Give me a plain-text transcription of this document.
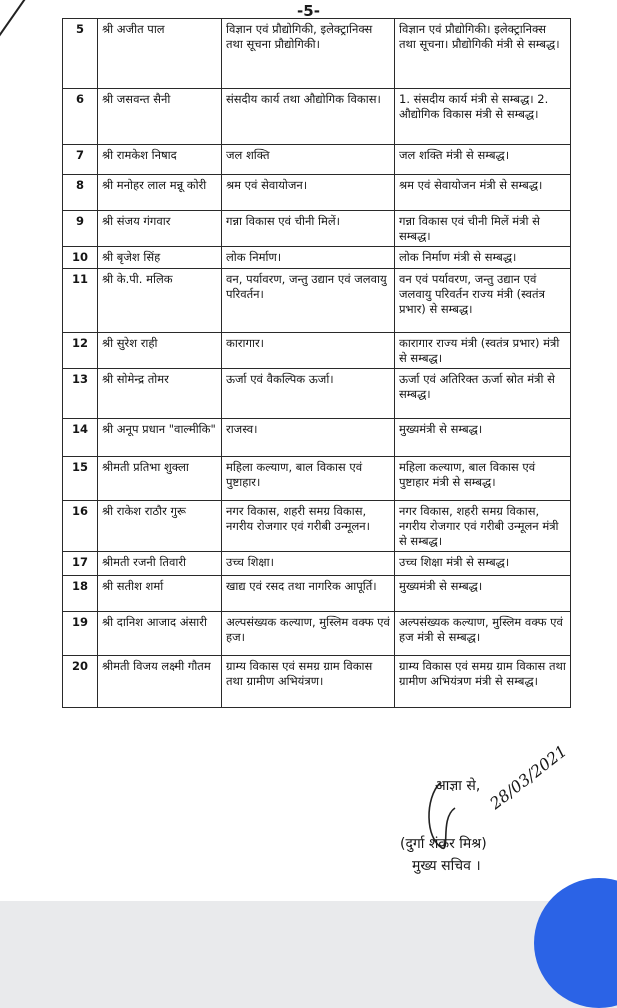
-5-
5	श्री अजीत पाल	विज्ञान एवं प्रौद्योगिकी, इलेक्ट्रानिक्स तथा सूचना प्रौद्योगिकी।	विज्ञान एवं प्रौद्योगिकी। इलेक्ट्रानिक्स तथा सूचना। प्रौद्योगिकी मंत्री से सम्बद्ध।
6	श्री जसवन्त सैनी	संसदीय कार्य तथा औद्योगिक विकास।	1. संसदीय कार्य मंत्री से सम्बद्ध। 2. औद्योगिक विकास मंत्री से सम्बद्ध।
7	श्री रामकेश निषाद	जल शक्ति	जल शक्ति मंत्री से सम्बद्ध।
8	श्री मनोहर लाल मन्नू कोरी	श्रम एवं सेवायोजन।	श्रम एवं सेवायोजन मंत्री से सम्बद्ध।
9	श्री संजय गंगवार	गन्ना विकास एवं चीनी मिलें।	गन्ना विकास एवं चीनी मिलें मंत्री से सम्बद्ध।
10	श्री बृजेश सिंह	लोक निर्माण।	लोक निर्माण मंत्री से सम्बद्ध।
11	श्री के.पी. मलिक	वन, पर्यावरण, जन्तु उद्यान एवं जलवायु परिवर्तन।	वन एवं पर्यावरण, जन्तु उद्यान एवं जलवायु परिवर्तन राज्य मंत्री (स्वतंत्र प्रभार) से सम्बद्ध।
12	श्री सुरेश राही	कारागार।	कारागार राज्य मंत्री (स्वतंत्र प्रभार) मंत्री से सम्बद्ध।
13	श्री सोमेन्द्र तोमर	ऊर्जा एवं वैकल्पिक ऊर्जा।	ऊर्जा एवं अतिरिक्त ऊर्जा स्रोत मंत्री से सम्बद्ध।
14	श्री अनूप प्रधान "वाल्मीकि"	राजस्व।	मुख्यमंत्री से सम्बद्ध।
15	श्रीमती प्रतिभा शुक्ला	महिला कल्याण, बाल विकास एवं पुष्टाहार।	महिला कल्याण, बाल विकास एवं पुष्टाहार मंत्री से सम्बद्ध।
16	श्री राकेश राठौर गुरू	नगर विकास, शहरी समग्र विकास, नगरीय रोजगार एवं गरीबी उन्मूलन।	नगर विकास, शहरी समग्र विकास, नगरीय रोजगार एवं गरीबी उन्मूलन मंत्री से सम्बद्ध।
17	श्रीमती रजनी तिवारी	उच्च शिक्षा।	उच्च शिक्षा मंत्री से सम्बद्ध।
18	श्री सतीश शर्मा	खाद्य एवं रसद तथा नागरिक आपूर्ति।	मुख्यमंत्री से सम्बद्ध।
19	श्री दानिश आजाद अंसारी	अल्पसंख्यक कल्याण, मुस्लिम वक्फ एवं हज।	अल्पसंख्यक कल्याण, मुस्लिम वक्फ एवं हज मंत्री से सम्बद्ध।
20	श्रीमती विजय लक्ष्मी गौतम	ग्राम्य विकास एवं समग्र ग्राम विकास तथा ग्रामीण अभियंत्रण।	ग्राम्य विकास एवं समग्र ग्राम विकास तथा ग्रामीण अभियंत्रण मंत्री से सम्बद्ध।
आज्ञा से, 28/03/2021
(दुर्गा शंकर मिश्र)
मुख्य सचिव ।
